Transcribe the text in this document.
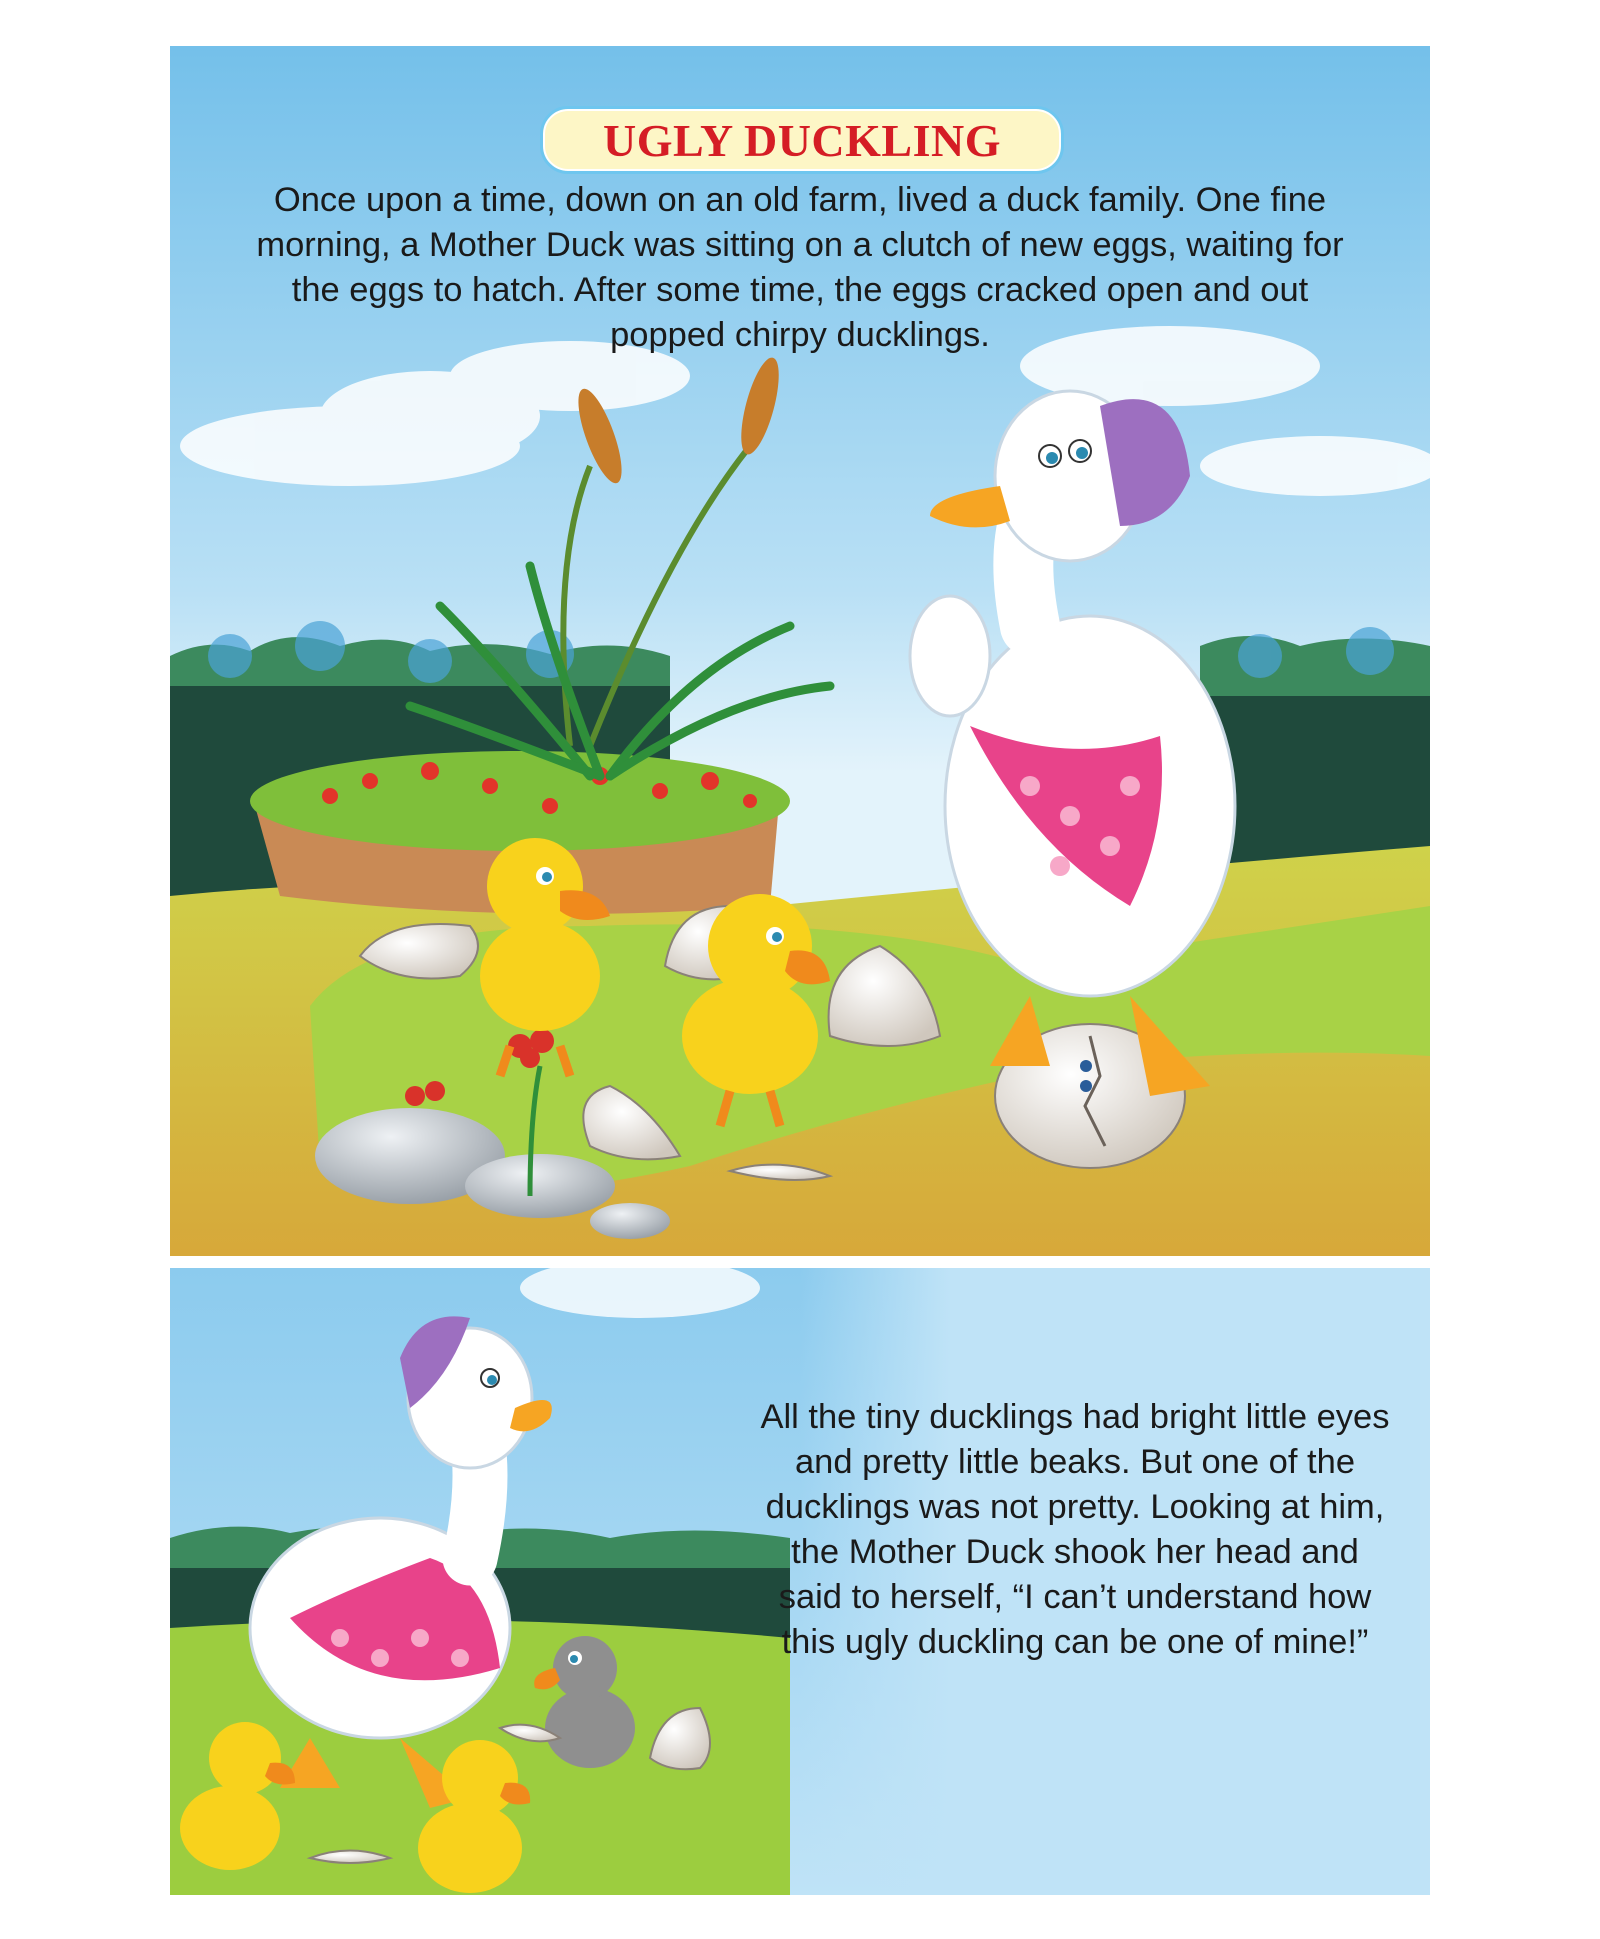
UGLY DUCKLING
Once upon a time, down on an old farm, lived a duck family. One fine morning, a Mother Duck was sitting on a clutch of new eggs, waiting for the eggs to hatch. After some time, the eggs cracked open and out popped chirpy ducklings.
All the tiny ducklings had bright little eyes and pretty little beaks. But one of the ducklings was not pretty. Looking at him, the Mother Duck shook her head and said to herself, “I can’t understand how this ugly duckling can be one of mine!”
